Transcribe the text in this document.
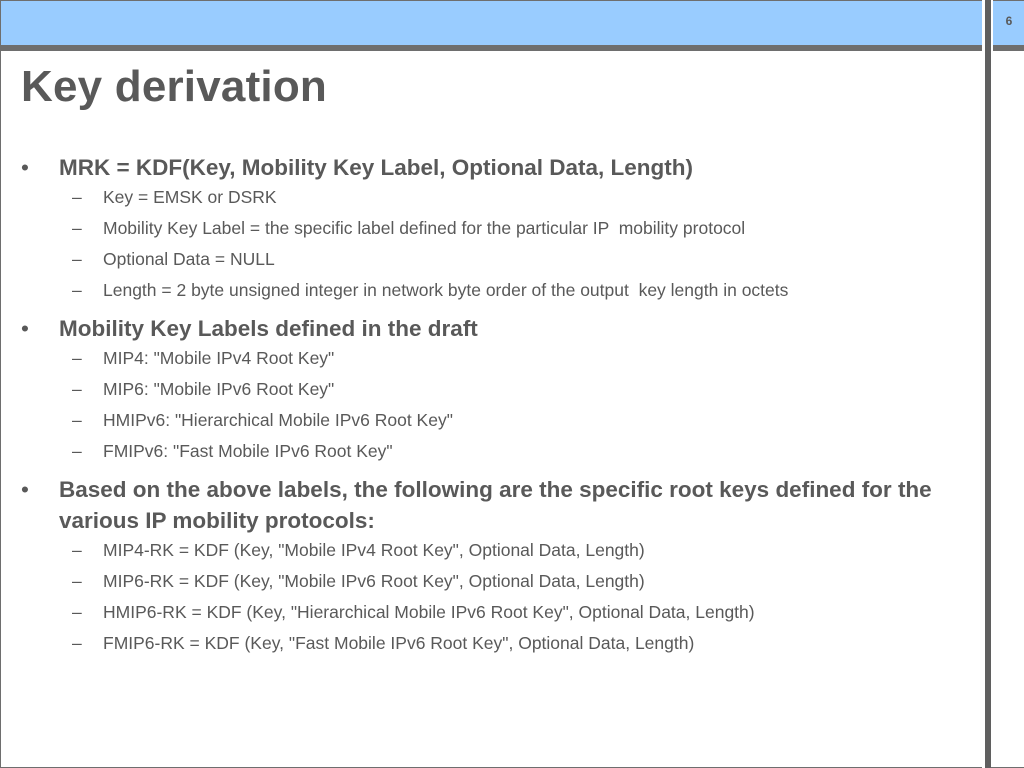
6
Key derivation
• MRK = KDF(Key, Mobility Key Label, Optional Data, Length)
– Key = EMSK or DSRK
– Mobility Key Label = the specific label defined for the particular IP  mobility protocol
– Optional Data = NULL
– Length = 2 byte unsigned integer in network byte order of the output  key length in octets
• Mobility Key Labels defined in the draft
– MIP4: "Mobile IPv4 Root Key"
– MIP6: "Mobile IPv6 Root Key"
– HMIPv6: "Hierarchical Mobile IPv6 Root Key"
– FMIPv6: "Fast Mobile IPv6 Root Key"
• Based on the above labels, the following are the specific root keys defined for the various IP mobility protocols:
– MIP4-RK = KDF (Key, "Mobile IPv4 Root Key", Optional Data, Length)
– MIP6-RK = KDF (Key, "Mobile IPv6 Root Key", Optional Data, Length)
– HMIP6-RK = KDF (Key, "Hierarchical Mobile IPv6 Root Key", Optional Data, Length)
– FMIP6-RK = KDF (Key, "Fast Mobile IPv6 Root Key", Optional Data, Length)
